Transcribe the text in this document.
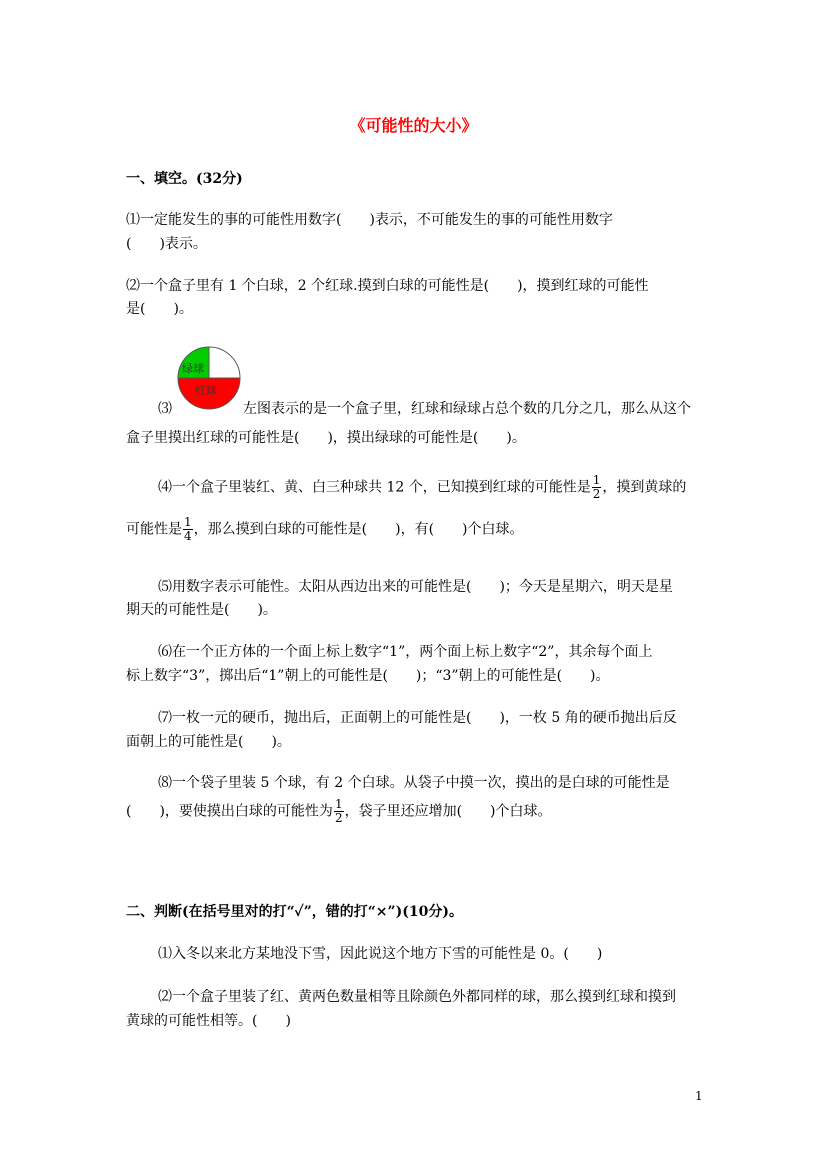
《可能性的大小》
一、填空。(32分)
⑴一定能发生的事的可能性用数字(　　)表示，不可能发生的事的可能性用数字
(　　)表示。
⑵一个盒子里有 1 个白球，2 个红球.摸到白球的可能性是(　　)，摸到红球的可能性
是(　　)。
绿球
红球
⑶	左图表示的是一个盒子里，红球和绿球占总个数的几分之几，那么从这个
盒子里摸出红球的可能性是(　　)，摸出绿球的可能性是(　　)。
⑷一个盒子里装红、黄、白三种球共 12 个，已知摸到红球的可能性是 $\frac{1}{2}$ ，摸到黄球的
可能性是 $\frac{1}{4}$ ，那么摸到白球的可能性是(　　)，有(　　)个白球。
⑸用数字表示可能性。太阳从西边出来的可能性是(　　)；今天是星期六，明天是星
期天的可能性是(　　)。
⑹在一个正方体的一个面上标上数字“1”，两个面上标上数字“2”，其余每个面上
标上数字“3”，掷出后“1”朝上的可能性是(　　)；“3”朝上的可能性是(　　)。
⑺一枚一元的硬币，抛出后，正面朝上的可能性是(　　)，一枚 5 角的硬币抛出后反
面朝上的可能性是(　　)。
⑻一个袋子里装 5 个球，有 2 个白球。从袋子中摸一次，摸出的是白球的可能性是
(　　)，要使摸出白球的可能性为 $\frac{1}{2}$ ，袋子里还应增加(　　)个白球。
二、判断(在括号里对的打“✓”，错的打“×”)(10分)。
⑴入冬以来北方某地没下雪，因此说这个地方下雪的可能性是 0。(　　)
⑵一个盒子里装了红、黄两色数量相等且除颜色外都同样的球，那么摸到红球和摸到
黄球的可能性相等。(　　)
1
